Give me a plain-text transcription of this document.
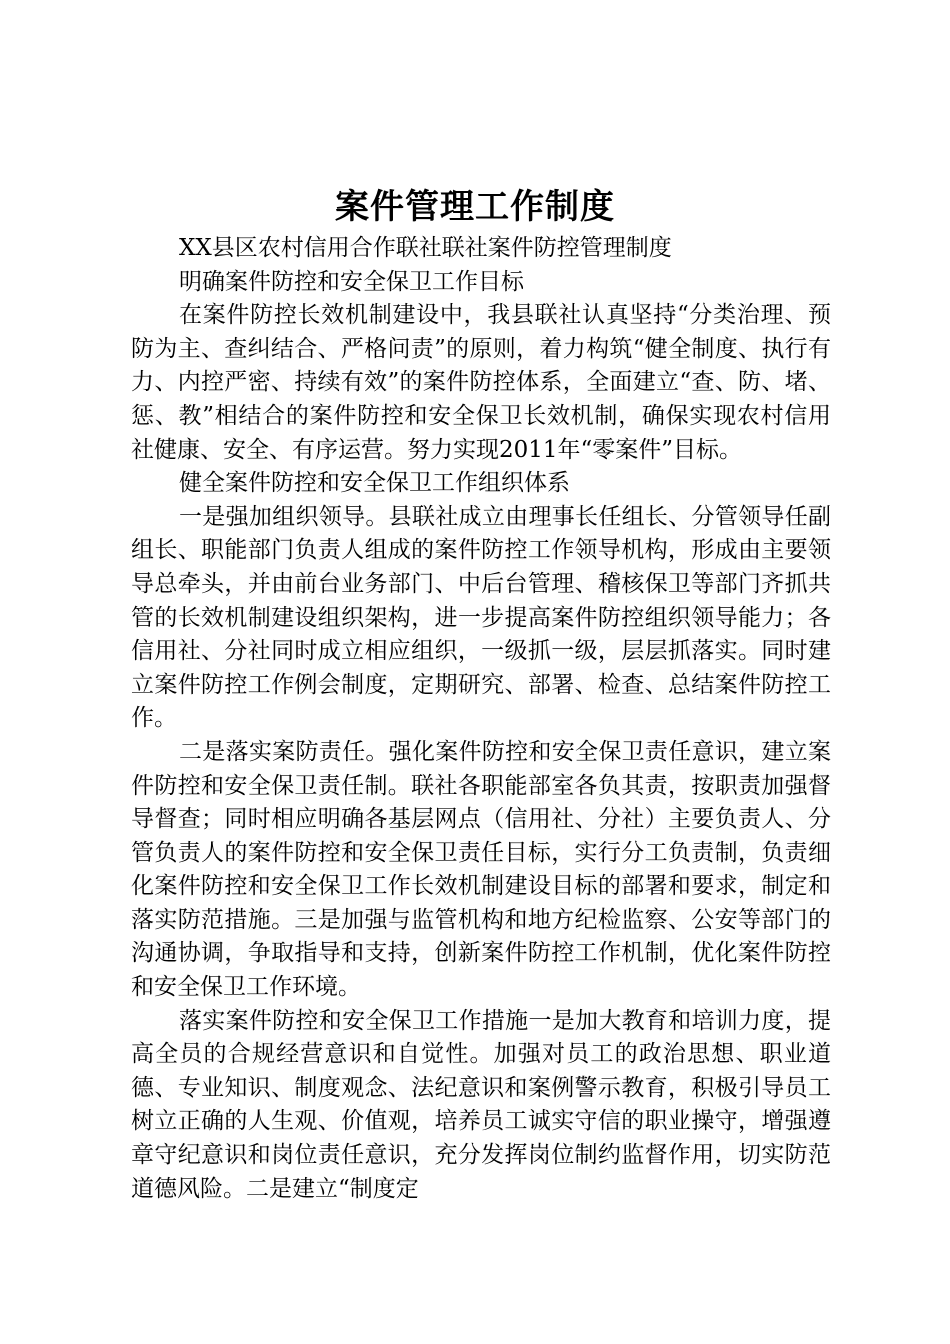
案件管理工作制度

XX县区农村信用合作联社联社案件防控管理制度

明确案件防控和安全保卫工作目标

在案件防控长效机制建设中，我县联社认真坚持“分类治理、预防为主、查纠结合、严格问责”的原则，着力构筑“健全制度、执行有力、内控严密、持续有效”的案件防控体系，全面建立“查、防、堵、惩、教”相结合的案件防控和安全保卫长效机制，确保实现农村信用社健康、安全、有序运营。努力实现2011年“零案件”目标。

健全案件防控和安全保卫工作组织体系

一是强加组织领导。县联社成立由理事长任组长、分管领导任副组长、职能部门负责人组成的案件防控工作领导机构，形成由主要领导总牵头，并由前台业务部门、中后台管理、稽核保卫等部门齐抓共管的长效机制建设组织架构，进一步提高案件防控组织领导能力；各信用社、分社同时成立相应组织，一级抓一级，层层抓落实。同时建立案件防控工作例会制度，定期研究、部署、检查、总结案件防控工作。

二是落实案防责任。强化案件防控和安全保卫责任意识，建立案件防控和安全保卫责任制。联社各职能部室各负其责，按职责加强督导督查；同时相应明确各基层网点（信用社、分社）主要负责人、分管负责人的案件防控和安全保卫责任目标，实行分工负责制，负责细化案件防控和安全保卫工作长效机制建设目标的部署和要求，制定和落实防范措施。三是加强与监管机构和地方纪检监察、公安等部门的沟通协调，争取指导和支持，创新案件防控工作机制，优化案件防控和安全保卫工作环境。

落实案件防控和安全保卫工作措施一是加大教育和培训力度，提高全员的合规经营意识和自觉性。加强对员工的政治思想、职业道德、专业知识、制度观念、法纪意识和案例警示教育，积极引导员工树立正确的人生观、价值观，培养员工诚实守信的职业操守，增强遵章守纪意识和岗位责任意识，充分发挥岗位制约监督作用，切实防范道德风险。二是建立“制度定
